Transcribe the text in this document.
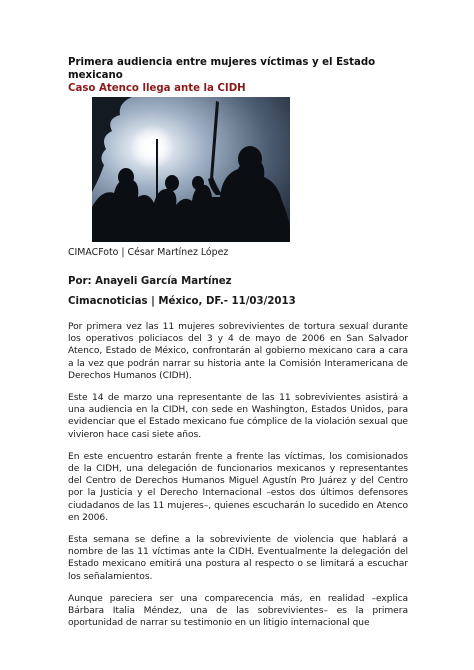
Primera audiencia entre mujeres víctimas y el Estado mexicano
Caso Atenco llega ante la CIDH
CIMACFoto | César Martínez López
Por: Anayeli García Martínez
Cimacnoticias | México, DF.- 11/03/2013

Por primera vez las 11 mujeres sobrevivientes de tortura sexual durante los operativos policiacos del 3 y 4 de mayo de 2006 en San Salvador Atenco, Estado de México, confrontarán al gobierno mexicano cara a cara a la vez que podrán narrar su historia ante la Comisión Interamericana de Derechos Humanos (CIDH).

Este 14 de marzo una representante de las 11 sobrevivientes asistirá a una audiencia en la CIDH, con sede en Washington, Estados Unidos, para evidenciar que el Estado mexicano fue cómplice de la violación sexual que vivieron hace casi siete años.

En este encuentro estarán frente a frente las víctimas, los comisionados de la CIDH, una delegación de funcionarios mexicanos y representantes del Centro de Derechos Humanos Miguel Agustín Pro Juárez y del Centro por la Justicia y el Derecho Internacional –estos dos últimos defensores ciudadanos de las 11 mujeres–, quienes escucharán lo sucedido en Atenco en 2006.

Esta semana se define a la sobreviviente de violencia que hablará a nombre de las 11 víctimas ante la CIDH. Eventualmente la delegación del Estado mexicano emitirá una postura al respecto o se limitará a escuchar los señalamientos.

Aunque pareciera ser una comparecencia más, en realidad –explica Bárbara Italia Méndez, una de las sobrevivientes– es la primera oportunidad de narrar su testimonio en un litigio internacional que
